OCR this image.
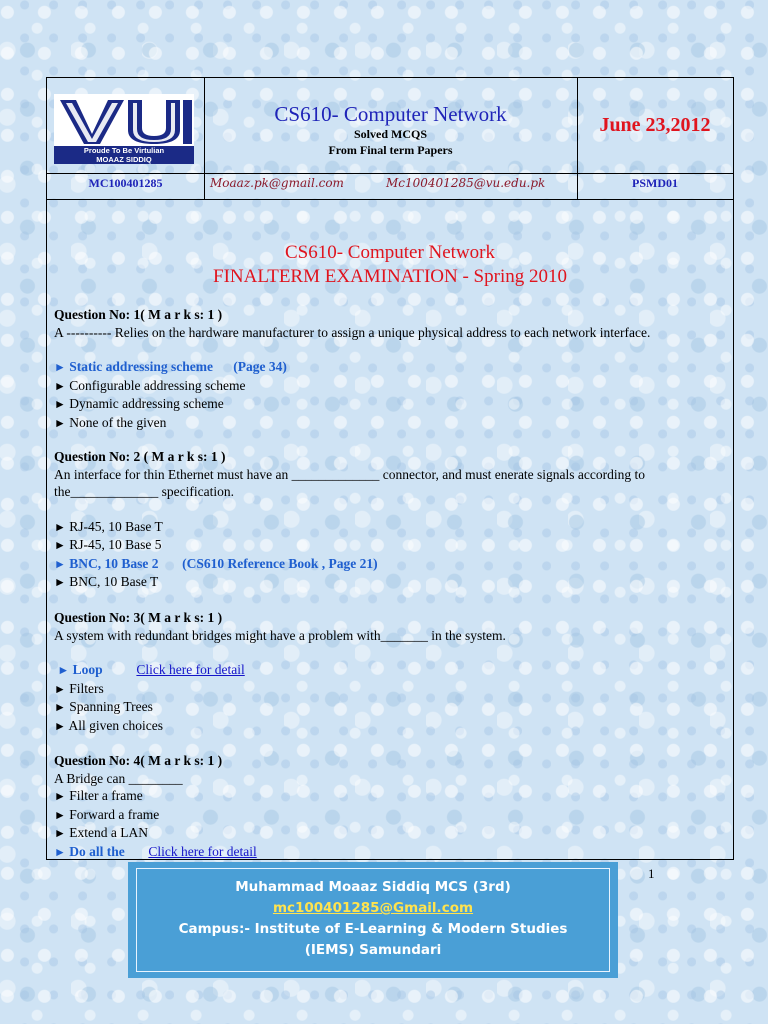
Proude To Be Virtulian
MOAAZ SIDDIQ
CS610- Computer Network
Solved MCQS
From Final term Papers
June 23,2012
MC100401285	Moaaz.pk@gmail.com	Mc100401285@vu.edu.pk	PSMD01
CS610- Computer Network
FINALTERM EXAMINATION - Spring 2010
Question No: 1( M a r k s: 1 )
A ---------- Relies on the hardware manufacturer to assign a unique physical address to each network interface.
► Static addressing scheme (Page 34)
► Configurable addressing scheme
► Dynamic addressing scheme
► None of the given
Question No: 2 ( M a r k s: 1 )
An interface for thin Ethernet must have an _____________ connector, and must enerate signals according to
the_____________ specification.
► RJ-45, 10 Base T
► RJ-45, 10 Base 5
► BNC, 10 Base 2 (CS610 Reference Book , Page 21)
► BNC, 10 Base T
Question No: 3( M a r k s: 1 )
A system with redundant bridges might have a problem with_______ in the system.
► Loop	Click here for detail
► Filters
► Spanning Trees
► All given choices
Question No: 4( M a r k s: 1 )
A Bridge can ________
► Filter a frame
► Forward a frame
► Extend a LAN
► Do all the Click here for detail
1
Muhammad Moaaz Siddiq MCS (3rd)
mc100401285@Gmail.com
Campus:- Institute of E-Learning & Modern Studies
(IEMS) Samundari
